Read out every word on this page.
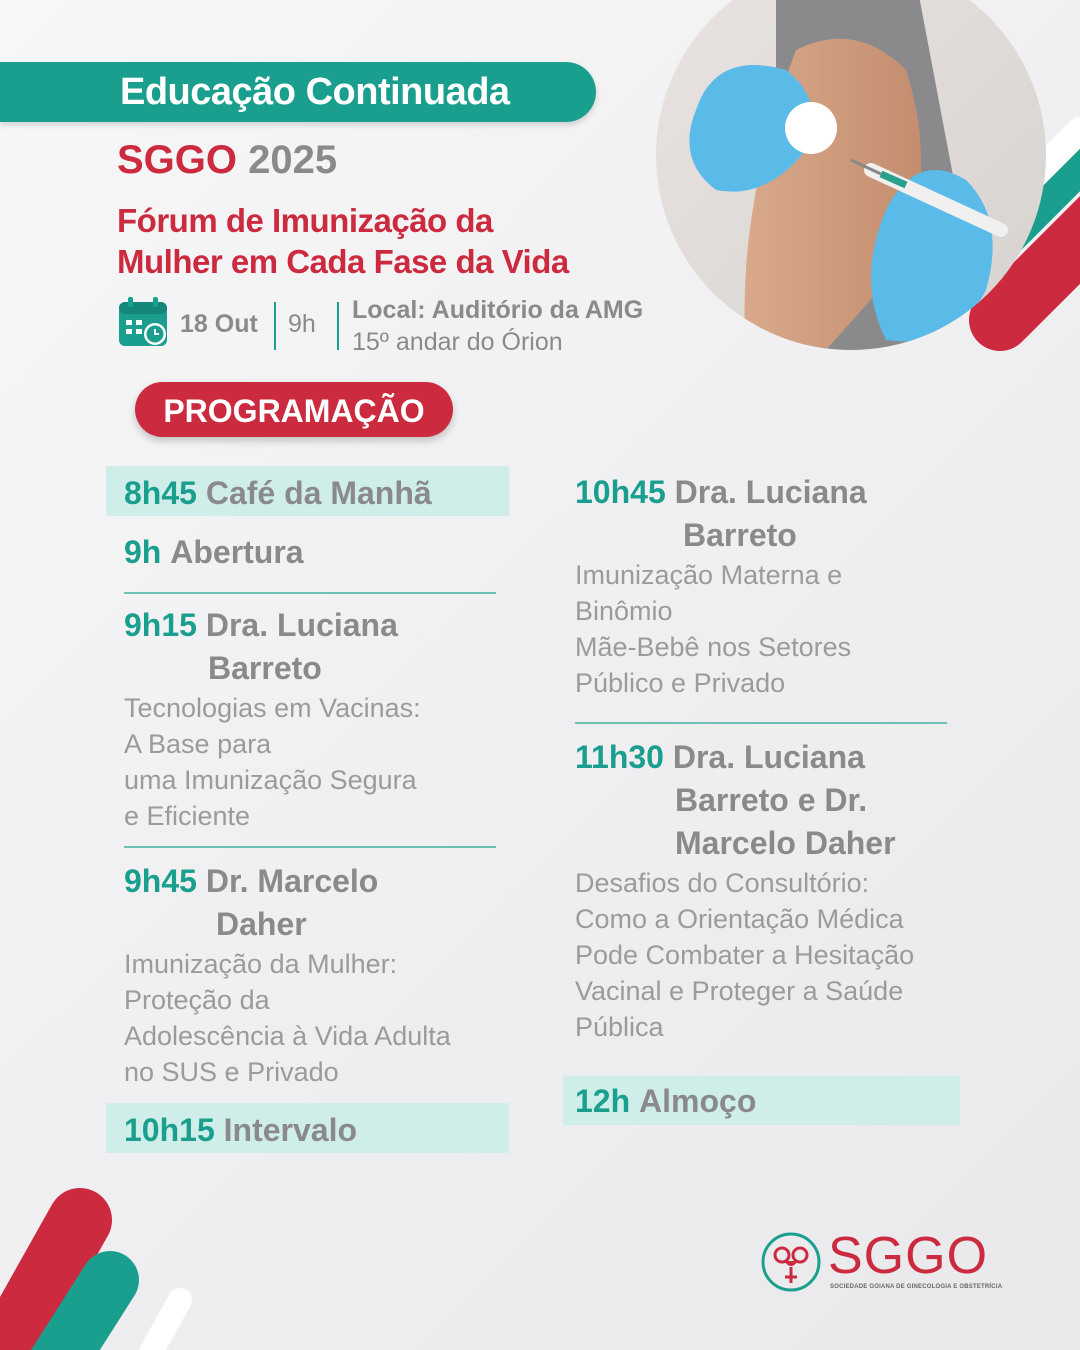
Educação Continuada
SGGO 2025
Fórum de Imunização da
Mulher em Cada Fase da Vida
18 Out 9h Local: Auditório da AMG
15º andar do Órion
PROGRAMAÇÃO
8h45 Café da Manhã
9h Abertura
9h15 Dra. Luciana
Barreto
Tecnologias em Vacinas:
A Base para
uma Imunização Segura
e Eficiente
9h45 Dr. Marcelo
Daher
Imunização da Mulher:
Proteção da
Adolescência à Vida Adulta
no SUS e Privado
10h15 Intervalo
10h45 Dra. Luciana
Barreto
Imunização Materna e
Binômio
Mãe-Bebê nos Setores
Público e Privado
11h30 Dra. Luciana
Barreto e Dr.
Marcelo Daher
Desafios do Consultório:
Como a Orientação Médica
Pode Combater a Hesitação
Vacinal e Proteger a Saúde
Pública
12h Almoço
SGGO
SOCIEDADE GOIANA DE GINECOLOGIA E OBSTETRÍCIA
